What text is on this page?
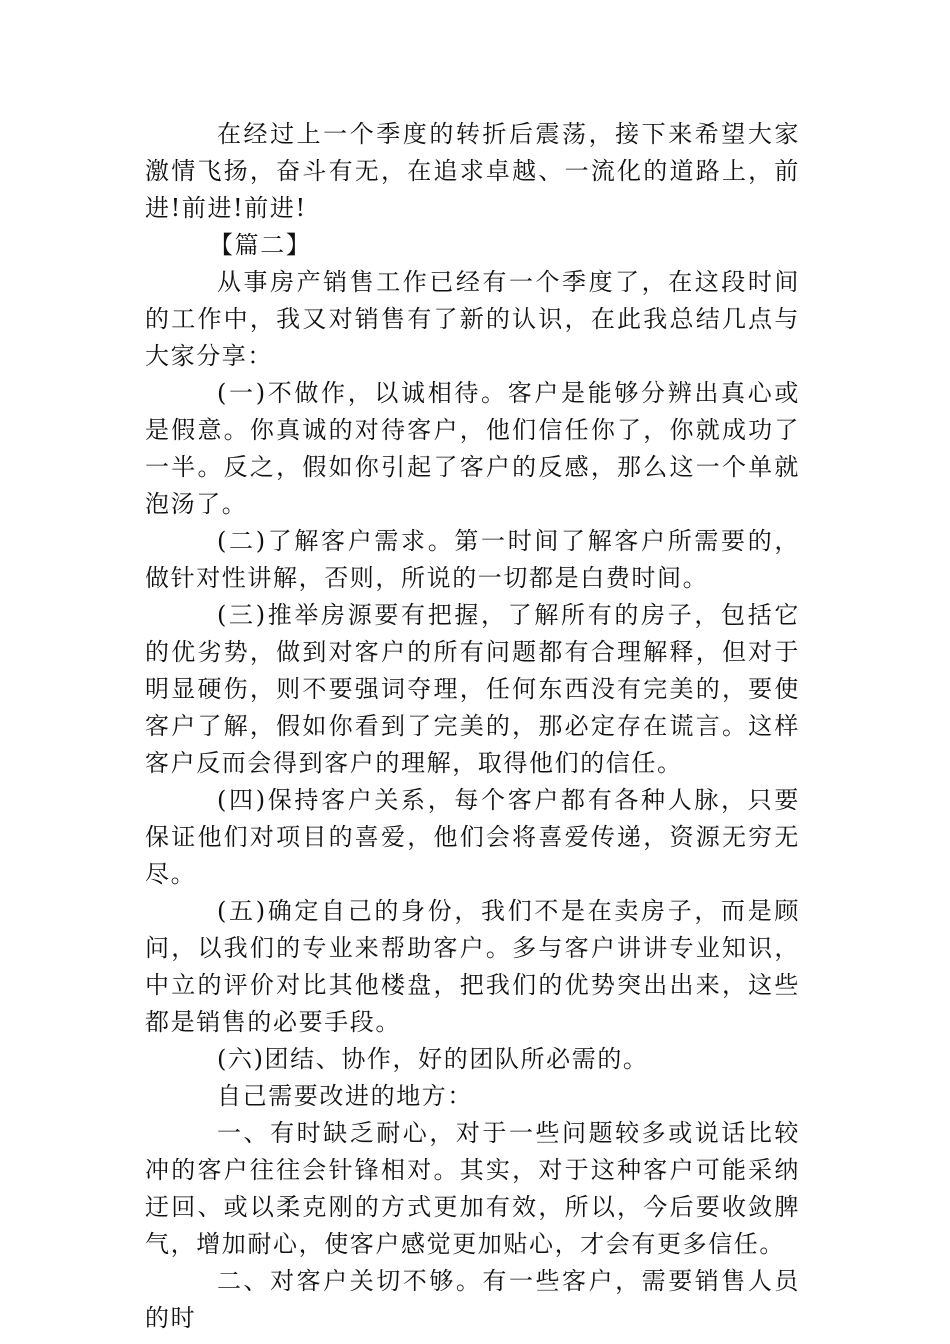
在经过上一个季度的转折后震荡，接下来希望大家激情飞扬，奋斗有无，在追求卓越、一流化的道路上，前进!前进!前进!

【篇二】

从事房产销售工作已经有一个季度了，在这段时间的工作中，我又对销售有了新的认识，在此我总结几点与大家分享：

(一)不做作，以诚相待。客户是能够分辨出真心或是假意。你真诚的对待客户，他们信任你了，你就成功了一半。反之，假如你引起了客户的反感，那么这一个单就泡汤了。

(二)了解客户需求。第一时间了解客户所需要的，做针对性讲解，否则，所说的一切都是白费时间。

(三)推举房源要有把握，了解所有的房子，包括它的优劣势，做到对客户的所有问题都有合理解释，但对于明显硬伤，则不要强词夺理，任何东西没有完美的，要使客户了解，假如你看到了完美的，那必定存在谎言。这样客户反而会得到客户的理解，取得他们的信任。

(四)保持客户关系，每个客户都有各种人脉，只要保证他们对项目的喜爱，他们会将喜爱传递，资源无穷无尽。

(五)确定自己的身份，我们不是在卖房子，而是顾问，以我们的专业来帮助客户。多与客户讲讲专业知识，中立的评价对比其他楼盘，把我们的优势突出出来，这些都是销售的必要手段。

(六)团结、协作，好的团队所必需的。

自己需要改进的地方：

一、有时缺乏耐心，对于一些问题较多或说话比较冲的客户往往会针锋相对。其实，对于这种客户可能采纳迂回、或以柔克刚的方式更加有效，所以，今后要收敛脾气，增加耐心，使客户感觉更加贴心，才会有更多信任。

二、对客户关切不够。有一些客户，需要销售人员的时
